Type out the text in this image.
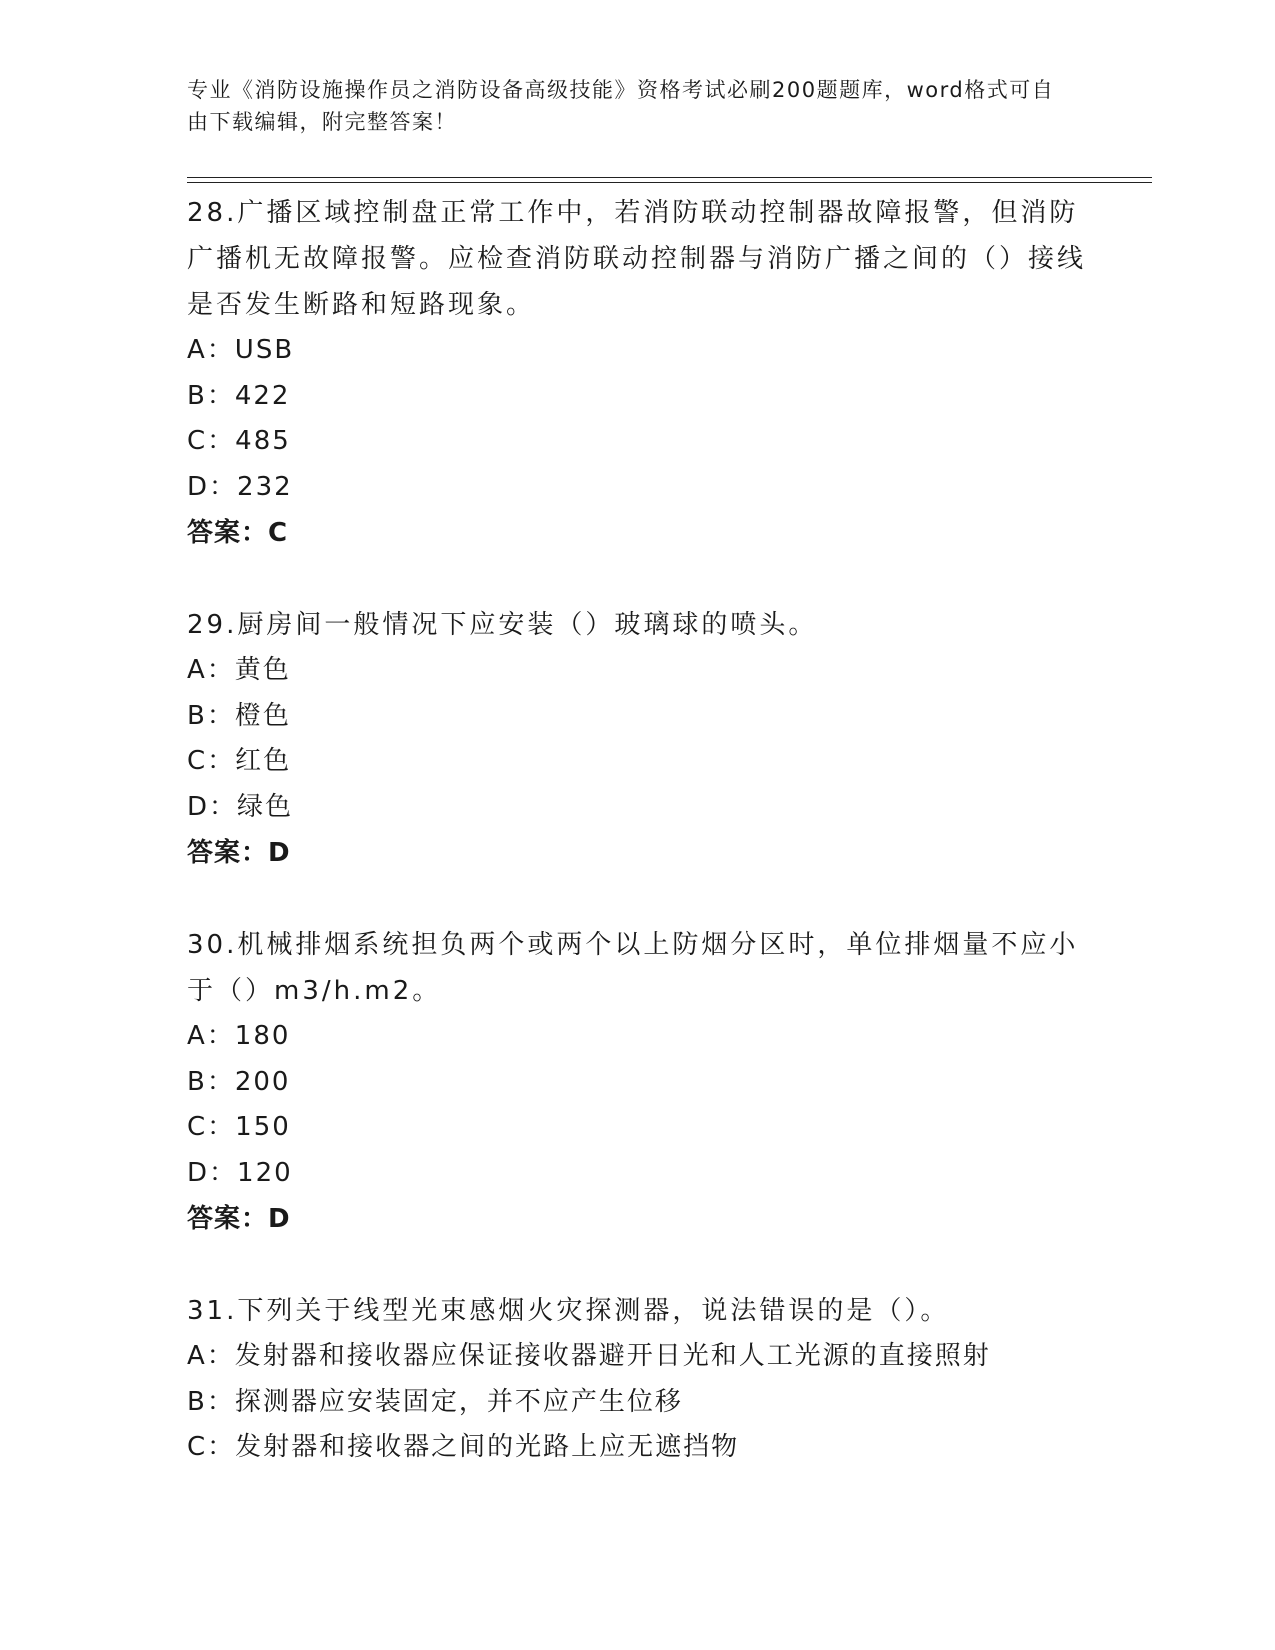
专业《消防设施操作员之消防设备高级技能》资格考试必刷200题题库，word格式可自由下载编辑，附完整答案！

28.广播区域控制盘正常工作中，若消防联动控制器故障报警，但消防广播机无故障报警。应检查消防联动控制器与消防广播之间的（）接线是否发生断路和短路现象。

A：USB

B：422

C：485

D：232

答案：C

29.厨房间一般情况下应安装（）玻璃球的喷头。

A：黄色

B：橙色

C：红色

D：绿色

答案：D

30.机械排烟系统担负两个或两个以上防烟分区时，单位排烟量不应小于（）m3/h.m2。

A：180

B：200

C：150

D：120

答案：D

31.下列关于线型光束感烟火灾探测器，说法错误的是（）。

A：发射器和接收器应保证接收器避开日光和人工光源的直接照射

B：探测器应安装固定，并不应产生位移

C：发射器和接收器之间的光路上应无遮挡物
